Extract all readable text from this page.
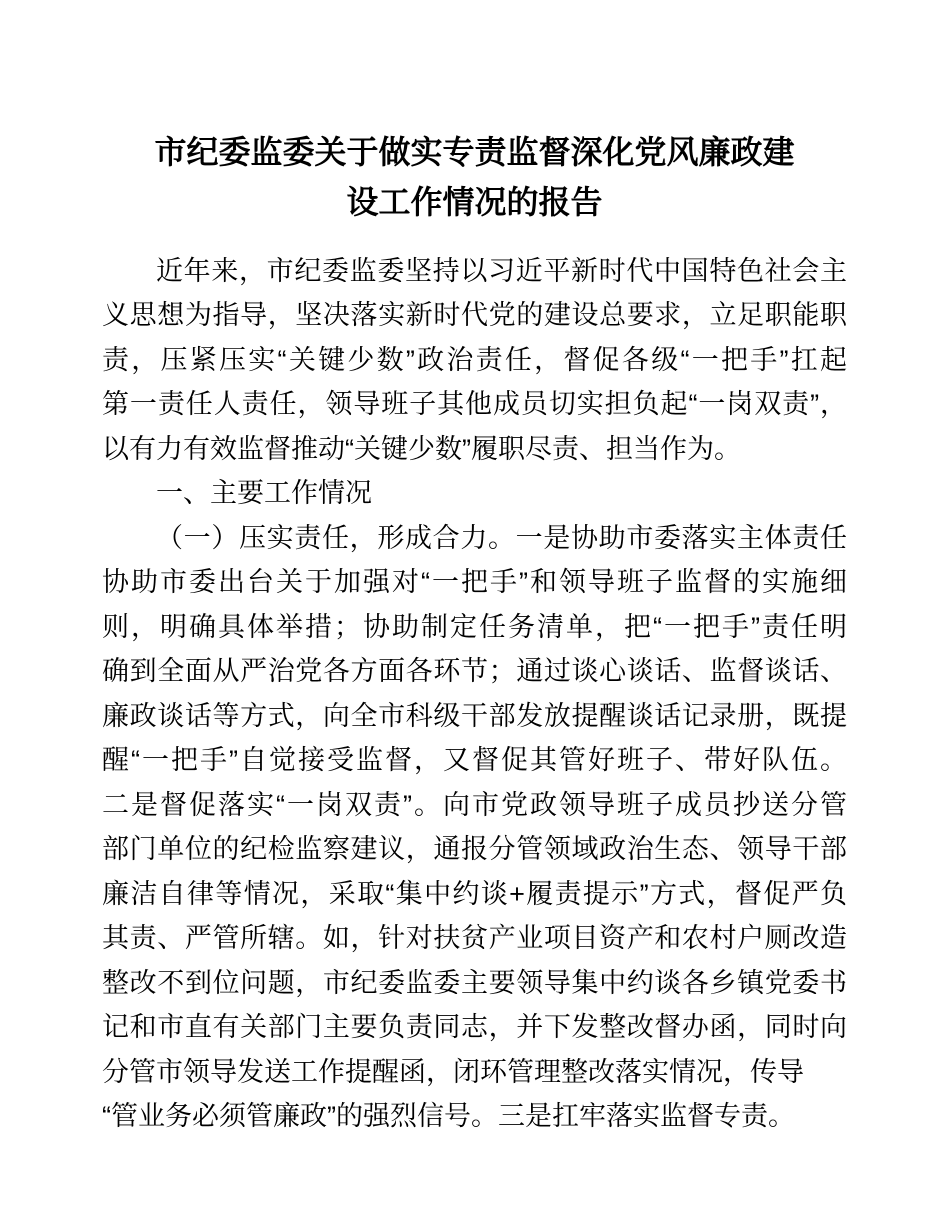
市纪委监委关于做实专责监督深化党风廉政建
设工作情况的报告
近年来，市纪委监委坚持以习近平新时代中国特色社会主
义思想为指导，坚决落实新时代党的建设总要求，立足职能职
责，压紧压实“关键少数”政治责任，督促各级“一把手”扛起
第一责任人责任，领导班子其他成员切实担负起“一岗双责”，
以有力有效监督推动“关键少数”履职尽责、担当作为。
一、主要工作情况
（一）压实责任，形成合力。一是协助市委落实主体责任
协助市委出台关于加强对“一把手”和领导班子监督的实施细
则，明确具体举措；协助制定任务清单，把“一把手”责任明
确到全面从严治党各方面各环节；通过谈心谈话、监督谈话、
廉政谈话等方式，向全市科级干部发放提醒谈话记录册，既提
醒“一把手”自觉接受监督，又督促其管好班子、带好队伍。
二是督促落实“一岗双责”。向市党政领导班子成员抄送分管
部门单位的纪检监察建议，通报分管领域政治生态、领导干部
廉洁自律等情况，采取“集中约谈+履责提示”方式，督促严负
其责、严管所辖。如，针对扶贫产业项目资产和农村户厕改造
整改不到位问题，市纪委监委主要领导集中约谈各乡镇党委书
记和市直有关部门主要负责同志，并下发整改督办函，同时向
分管市领导发送工作提醒函，闭环管理整改落实情况，传导
“管业务必须管廉政”的强烈信号。三是扛牢落实监督专责。
